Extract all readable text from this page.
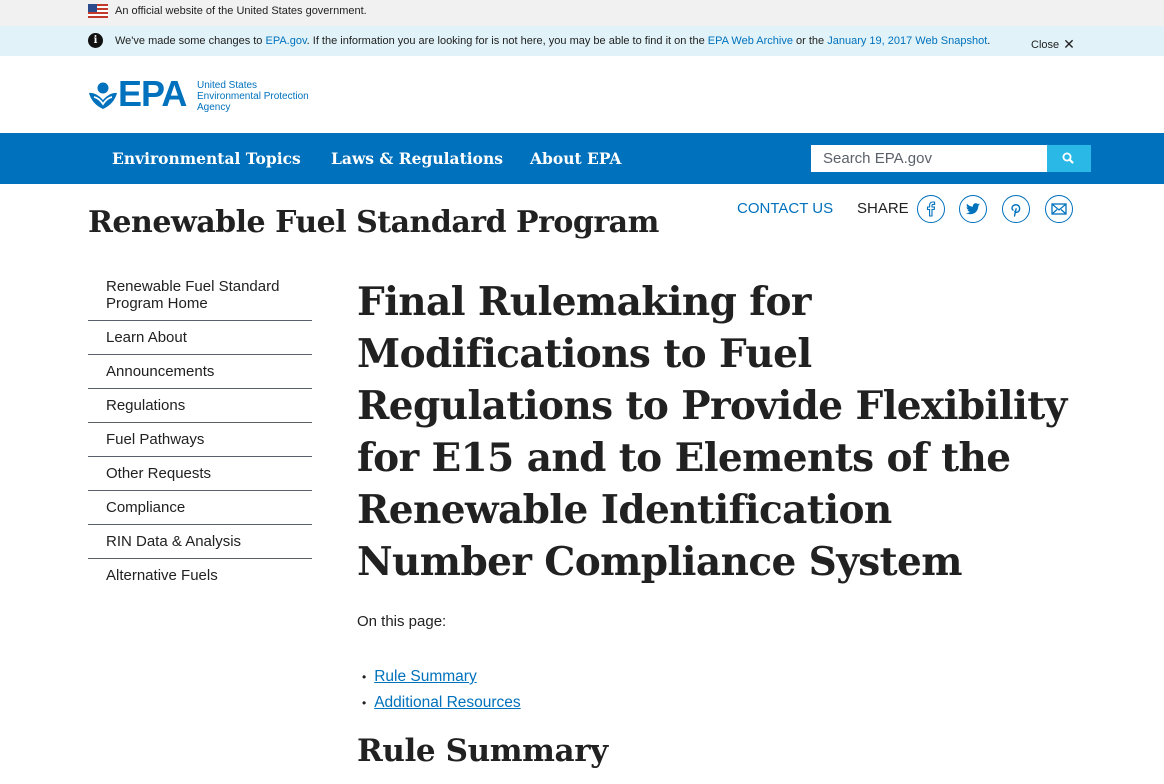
An official website of the United States government.
i	We've made some changes to EPA.gov. If the information you are looking for is not here, you may be able to find it on the EPA Web Archive or the January 19, 2017 Web Snapshot.	Close ✕
EPA United States
Environmental Protection
Agency
Environmental Topics Laws & Regulations About EPA
Search EPA.gov
Renewable Fuel Standard Program	CONTACT US SHARE
Renewable Fuel Standard Program Home
Learn About
Announcements
Regulations
Fuel Pathways
Other Requests
Compliance
RIN Data & Analysis
Alternative Fuels
Final Rulemaking for Modifications to Fuel Regulations to Provide Flexibility for E15 and to Elements of the Renewable Identification Number Compliance System
On this page:
• Rule Summary
• Additional Resources
Rule Summary
